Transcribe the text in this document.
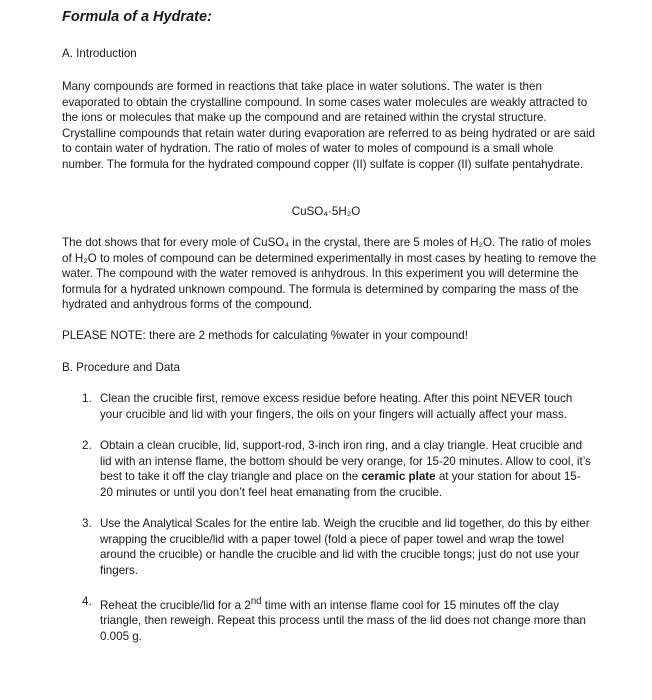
Formula of a Hydrate:

A. Introduction

Many compounds are formed in reactions that take place in water solutions. The water is then evaporated to obtain the crystalline compound. In some cases water molecules are weakly attracted to the ions or molecules that make up the compound and are retained within the crystal structure. Crystalline compounds that retain water during evaporation are referred to as being hydrated or are said to contain water of hydration. The ratio of moles of water to moles of compound is a small whole number. The formula for the hydrated compound copper (II) sulfate is copper (II) sulfate pentahydrate.

CuSO₄·5H₂O

The dot shows that for every mole of CuSO₄ in the crystal, there are 5 moles of H₂O. The ratio of moles of H₂O to moles of compound can be determined experimentally in most cases by heating to remove the water. The compound with the water removed is anhydrous. In this experiment you will determine the formula for a hydrated unknown compound. The formula is determined by comparing the mass of the hydrated and anhydrous forms of the compound.

PLEASE NOTE: there are 2 methods for calculating %water in your compound!

B. Procedure and Data

1. Clean the crucible first, remove excess residue before heating. After this point NEVER touch your crucible and lid with your fingers, the oils on your fingers will actually affect your mass.
2. Obtain a clean crucible, lid, support-rod, 3-inch iron ring, and a clay triangle. Heat crucible and lid with an intense flame, the bottom should be very orange, for 15-20 minutes. Allow to cool, it’s best to take it off the clay triangle and place on the ceramic plate at your station for about 15-20 minutes or until you don’t feel heat emanating from the crucible.
3. Use the Analytical Scales for the entire lab. Weigh the crucible and lid together, do this by either wrapping the crucible/lid with a paper towel (fold a piece of paper towel and wrap the towel around the crucible) or handle the crucible and lid with the crucible tongs; just do not use your fingers.
4. Reheat the crucible/lid for a 2nd time with an intense flame cool for 15 minutes off the clay triangle, then reweigh. Repeat this process until the mass of the lid does not change more than 0.005 g.
